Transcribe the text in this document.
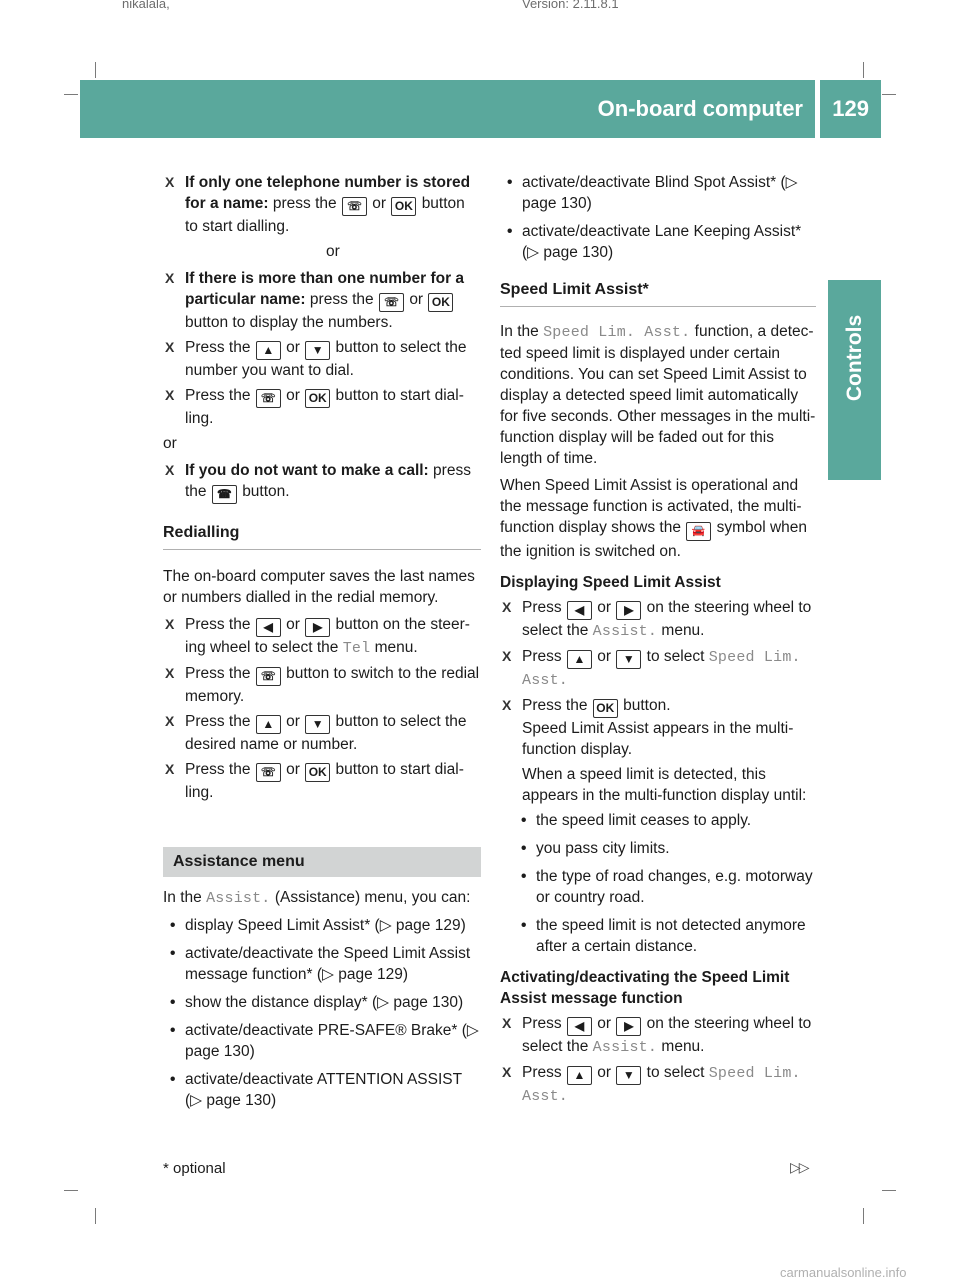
nikalala,	Version: 2.11.8.1
On-board computer 129
Controls
X If only one telephone number is stored for a name: press the ☏ or OK button to start dialling.
or
X If there is more than one number for a particular name: press the ☏ or OK button to display the numbers.
X Press the ▲ or ▼ button to select the number you want to dial.
X Press the ☏ or OK button to start dial-ling.
or
X If you do not want to make a call: press the ☎ button.
Redialling
The on-board computer saves the last names or numbers dialled in the redial memory.
X Press the ◀ or ▶ button on the steer-ing wheel to select the Tel menu.
X Press the ☏ button to switch to the redial memory.
X Press the ▲ or ▼ button to select the desired name or number.
X Press the ☏ or OK button to start dial-ling.
Assistance menu
In the Assist. (Assistance) menu, you can:
• display Speed Limit Assist* (▷ page 129)
• activate/deactivate the Speed Limit Assist message function* (▷ page 129)
• show the distance display* (▷ page 130)
• activate/deactivate PRE-SAFE® Brake* (▷ page 130)
• activate/deactivate ATTENTION ASSIST (▷ page 130)
• activate/deactivate Blind Spot Assist* (▷ page 130)
• activate/deactivate Lane Keeping Assist* (▷ page 130)
Speed Limit Assist*
In the Speed Lim. Asst. function, a detec-ted speed limit is displayed under certain conditions. You can set Speed Limit Assist to display a detected speed limit automatically for five seconds. Other messages in the multi-function display will be faded out for this length of time.
When Speed Limit Assist is operational and the message function is activated, the multi-function display shows the 🚘 symbol when the ignition is switched on.
Displaying Speed Limit Assist
X Press ◀ or ▶ on the steering wheel to select the Assist. menu.
X Press ▲ or ▼ to select Speed Lim. Asst.
X Press the OK button.
Speed Limit Assist appears in the multi-function display.
When a speed limit is detected, this appears in the multi-function display until:
• the speed limit ceases to apply.
• you pass city limits.
• the type of road changes, e.g. motorway or country road.
• the speed limit is not detected anymore after a certain distance.
Activating/deactivating the Speed Limit Assist message function
X Press ◀ or ▶ on the steering wheel to select the Assist. menu.
X Press ▲ or ▼ to select Speed Lim. Asst.
* optional	▷▷
carmanualsonline.info
